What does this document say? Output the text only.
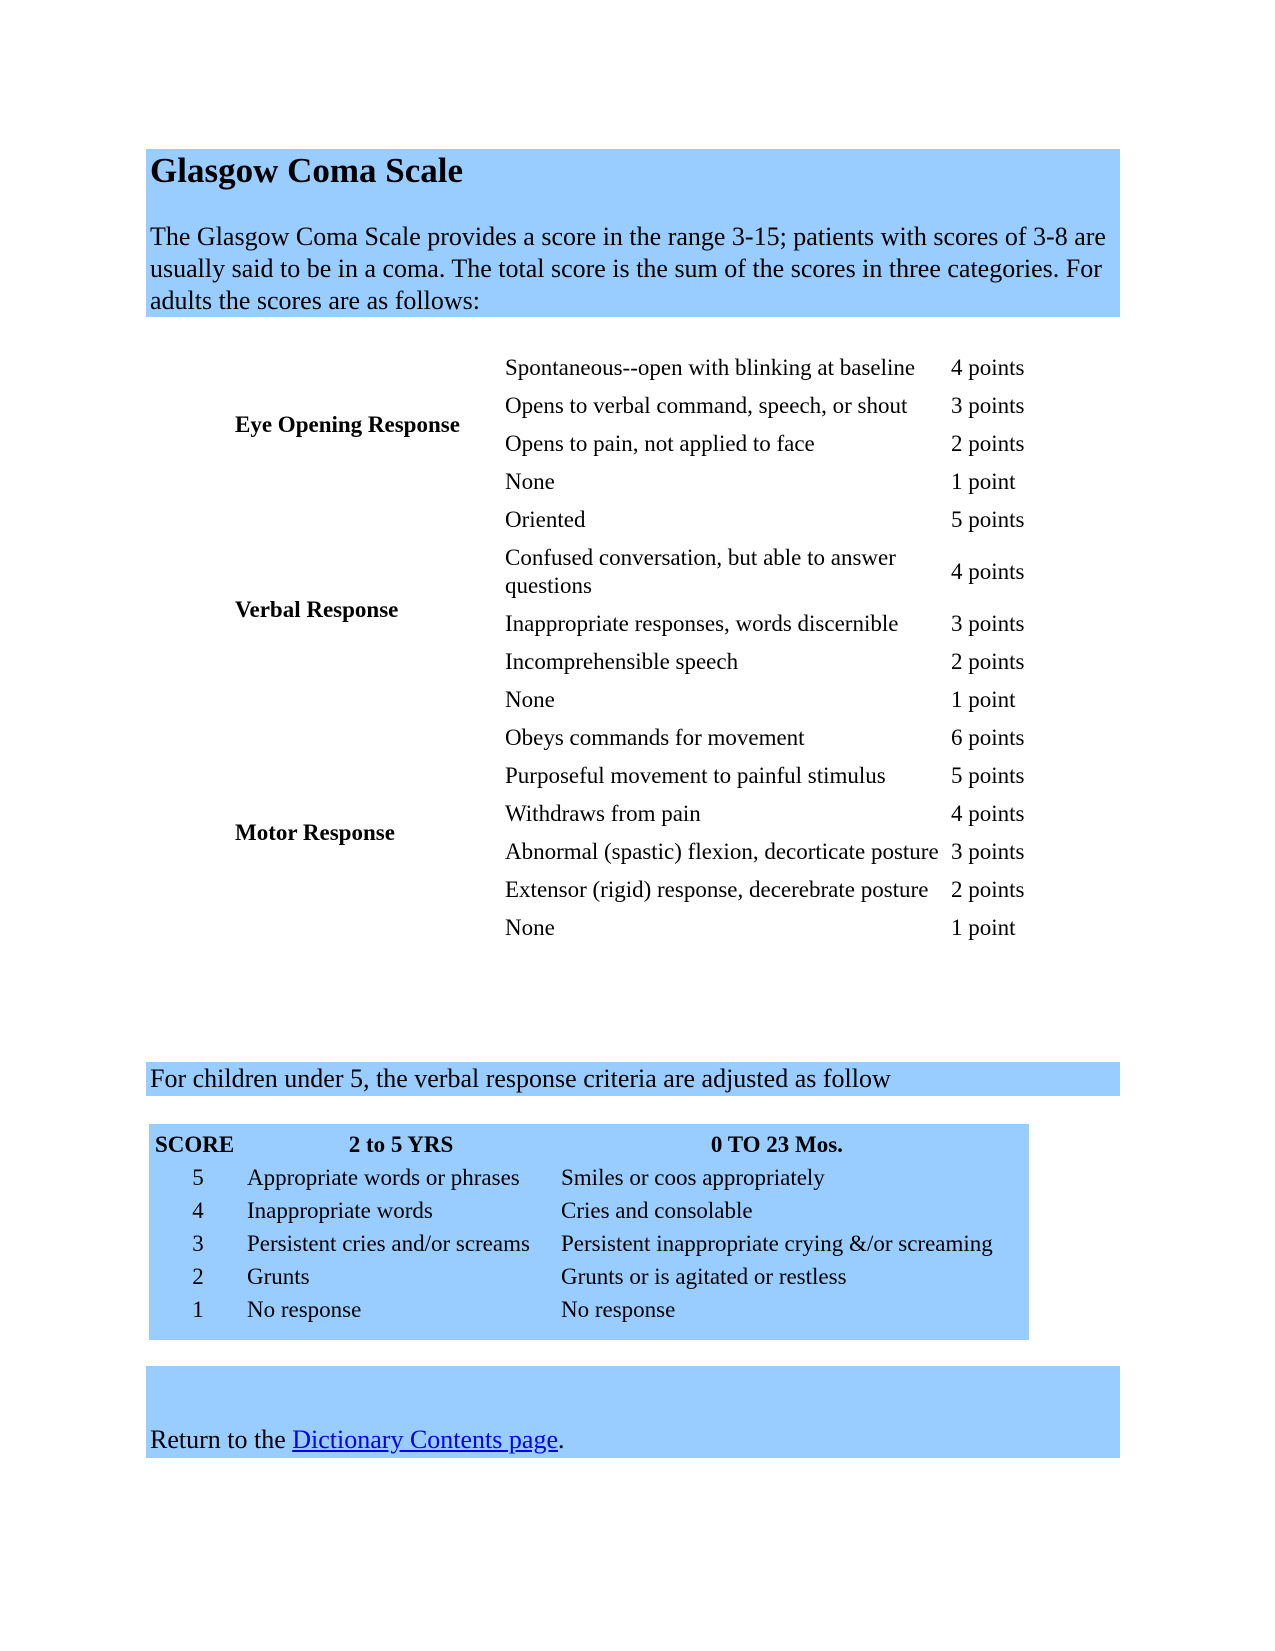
Glasgow Coma Scale

The Glasgow Coma Scale provides a score in the range 3-15; patients with scores of 3-8 are usually said to be in a coma. The total score is the sum of the scores in three categories. For adults the scores are as follows:

Eye Opening Response	Spontaneous--open with blinking at baseline	4 points
	Opens to verbal command, speech, or shout	3 points
	Opens to pain, not applied to face	2 points
	None	1 point
Verbal Response	Oriented	5 points
	Confused conversation, but able to answer questions	4 points
	Inappropriate responses, words discernible	3 points
	Incomprehensible speech	2 points
	None	1 point
Motor Response	Obeys commands for movement	6 points
	Purposeful movement to painful stimulus	5 points
	Withdraws from pain	4 points
	Abnormal (spastic) flexion, decorticate posture	3 points
	Extensor (rigid) response, decerebrate posture	2 points
	None	1 point

For children under 5, the verbal response criteria are adjusted as follow

SCORE	2 to 5 YRS	0 TO 23 Mos.
5	Appropriate words or phrases	Smiles or coos appropriately
4	Inappropriate words	Cries and consolable
3	Persistent cries and/or screams	Persistent inappropriate crying &/or screaming
2	Grunts	Grunts or is agitated or restless
1	No response	No response

Return to the Dictionary Contents page.
